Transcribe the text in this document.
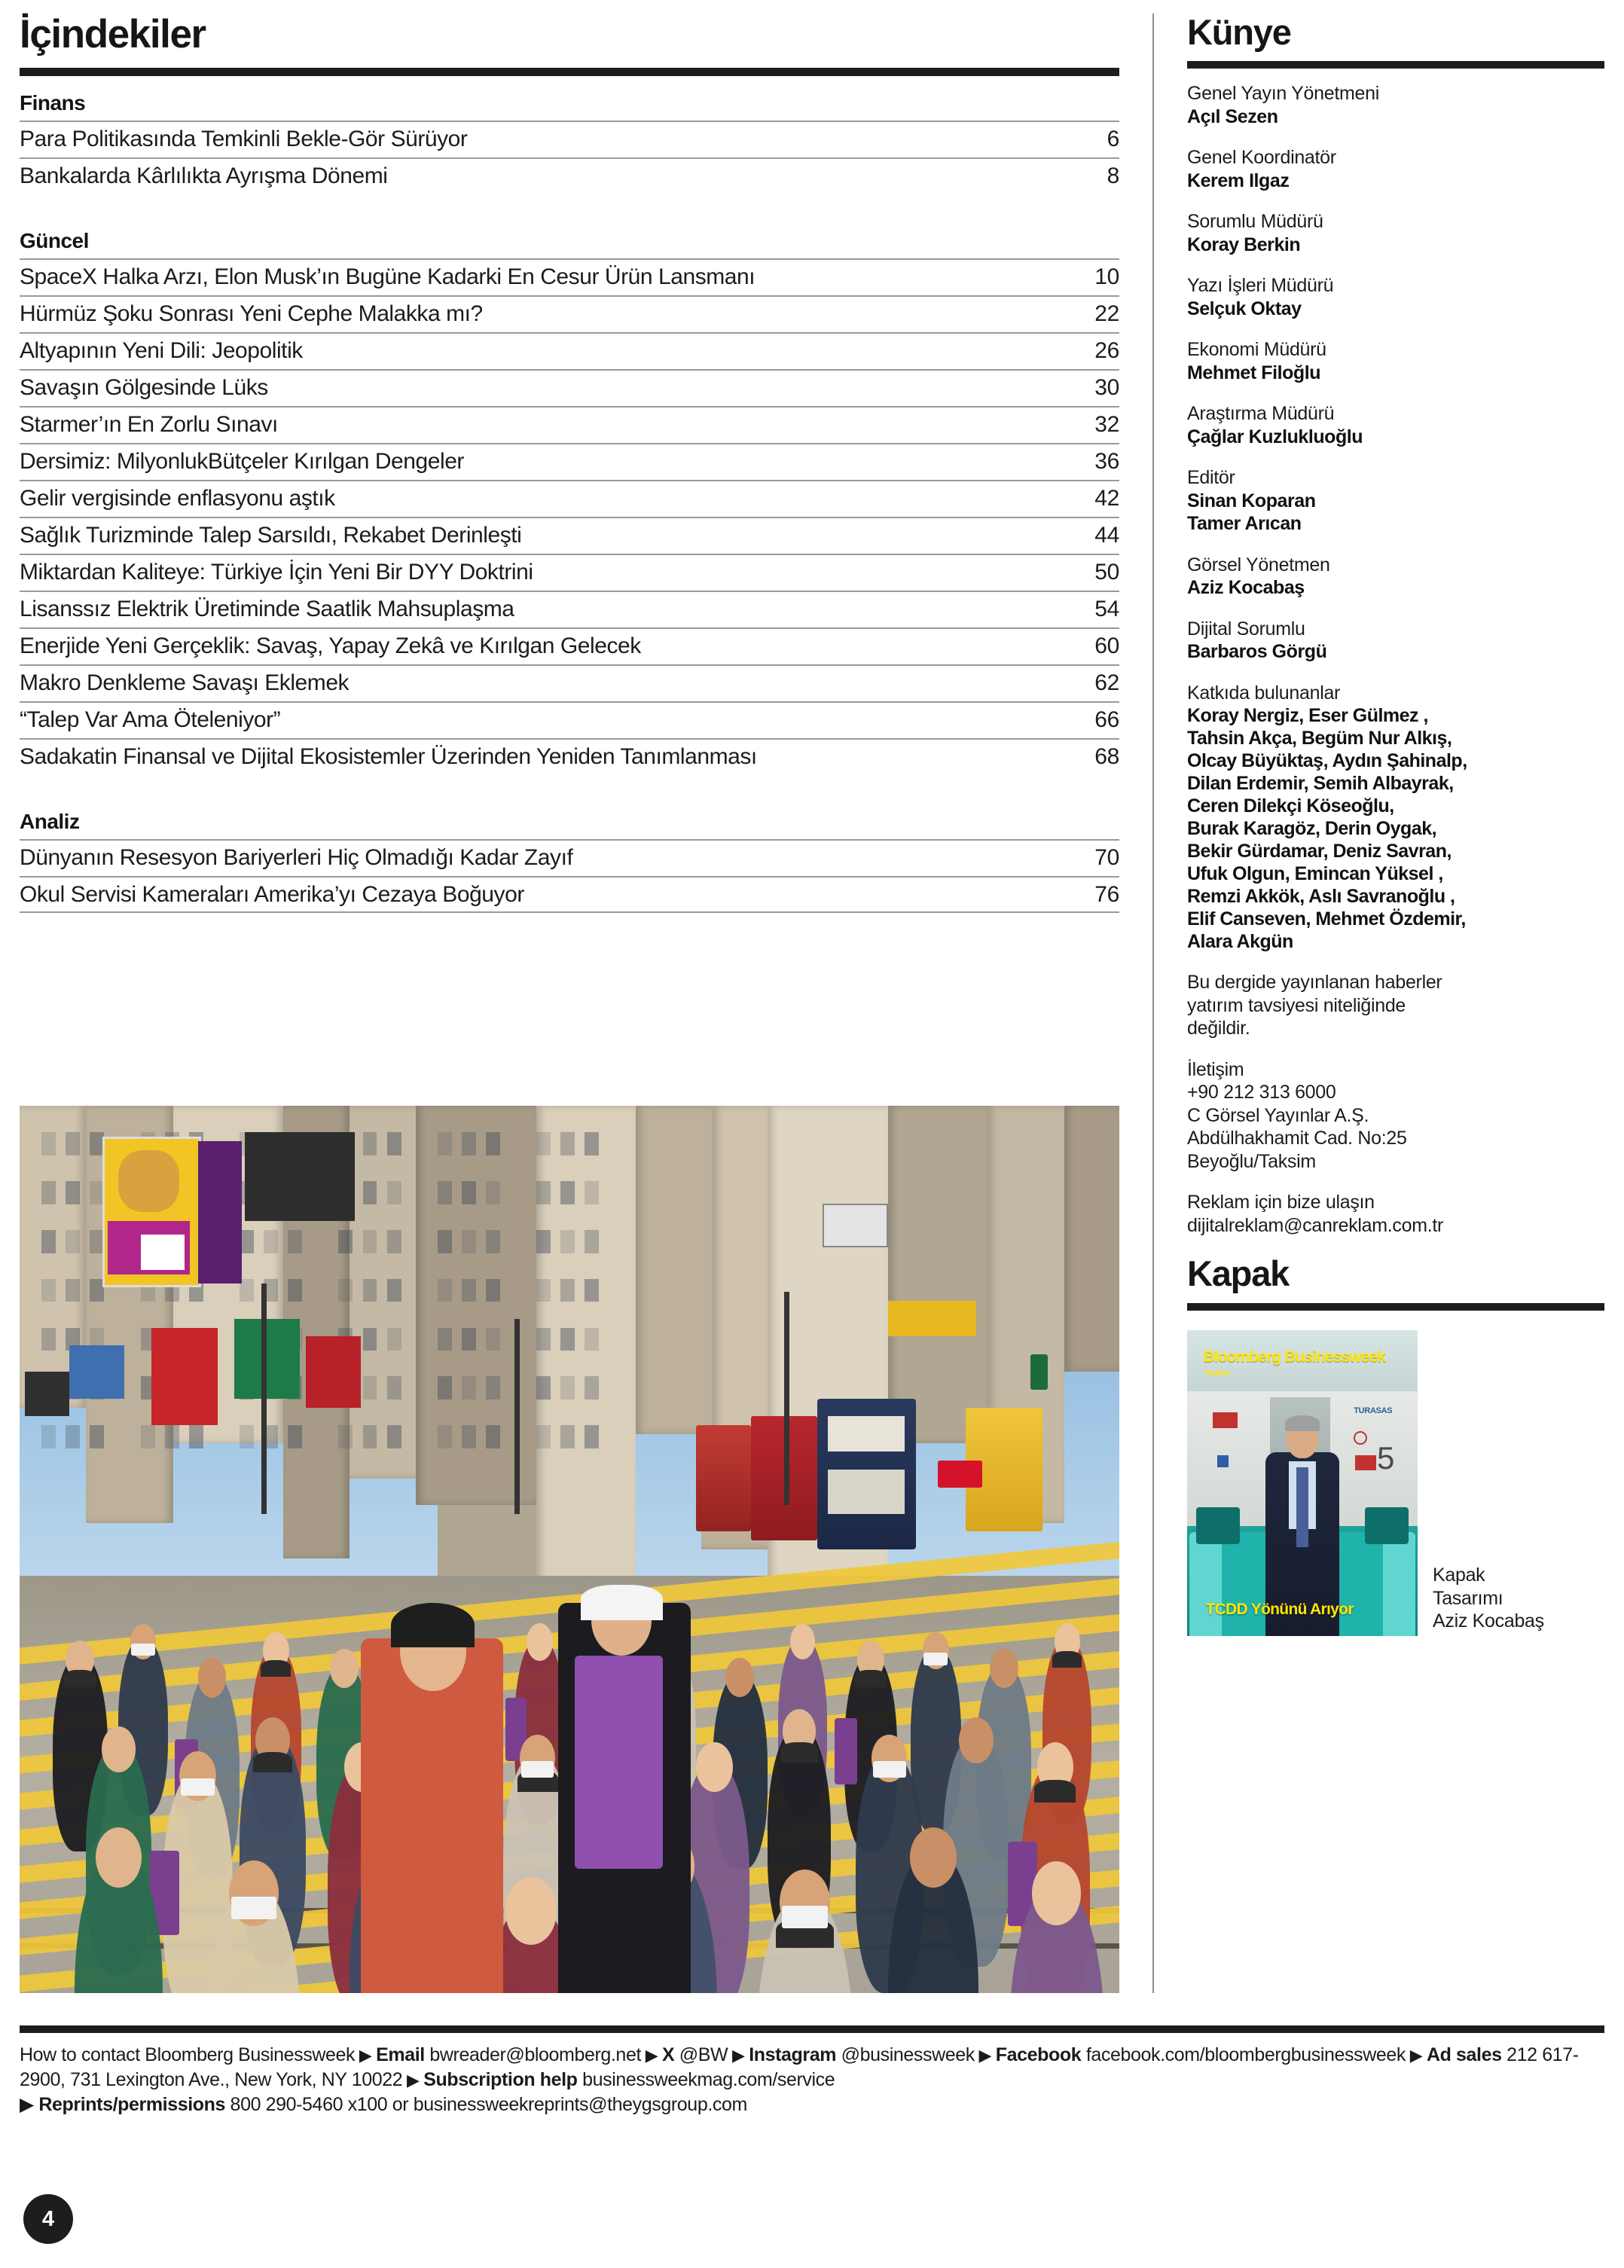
İçindekiler
Finans
Para Politikasında Temkinli Bekle-Gör Sürüyor	6
Bankalarda Kârlılıkta Ayrışma Dönemi	8
Güncel
SpaceX Halka Arzı, Elon Musk’ın Bugüne Kadarki En Cesur Ürün Lansmanı	10
Hürmüz Şoku Sonrası Yeni Cephe Malakka mı?	22
Altyapının Yeni Dili: Jeopolitik	26
Savaşın Gölgesinde Lüks	30
Starmer’ın En Zorlu Sınavı	32
Dersimiz: MilyonlukBütçeler Kırılgan Dengeler	36
Gelir vergisinde enflasyonu aştık	42
Sağlık Turizminde Talep Sarsıldı, Rekabet Derinleşti	44
Miktardan Kaliteye: Türkiye İçin Yeni Bir DYY Doktrini	50
Lisanssız Elektrik Üretiminde Saatlik Mahsuplaşma	54
Enerjide Yeni Gerçeklik: Savaş, Yapay Zekâ ve Kırılgan Gelecek	60
Makro Denkleme Savaşı Eklemek	62
“Talep Var Ama Öteleniyor”	66
Sadakatin Finansal ve Dijital Ekosistemler Üzerinden Yeniden Tanımlanması	68
Analiz
Dünyanın Resesyon Bariyerleri Hiç Olmadığı Kadar Zayıf	70
Okul Servisi Kameraları Amerika’yı Cezaya Boğuyor	76
Künye
Genel Yayın Yönetmeni
Açıl Sezen
Genel Koordinatör
Kerem Ilgaz
Sorumlu Müdürü
Koray Berkin
Yazı İşleri Müdürü
Selçuk Oktay
Ekonomi Müdürü
Mehmet Filoğlu
Araştırma Müdürü
Çağlar Kuzlukluoğlu
Editör
Sinan Koparan
Tamer Arıcan
Görsel Yönetmen
Aziz Kocabaş
Dijital Sorumlu
Barbaros Görgü
Katkıda bulunanlar
Koray Nergiz, Eser Gülmez ,
Tahsin Akça, Begüm Nur Alkış,
Olcay Büyüktaş, Aydın Şahinalp,
Dilan Erdemir, Semih Albayrak,
Ceren Dilekçi Köseoğlu,
Burak Karagöz, Derin Oygak,
Bekir Gürdamar, Deniz Savran,
Ufuk Olgun, Emincan Yüksel ,
Remzi Akkök, Aslı Savranoğlu ,
Elif Canseven, Mehmet Özdemir,
Alara Akgün
Bu dergide yayınlanan haberler
yatırım tavsiyesi niteliğinde
değildir.
İletişim
+90 212 313 6000
C Görsel Yayınlar A.Ş.
Abdülhakhamit Cad. No:25
Beyoğlu/Taksim
Reklam için bize ulaşın
dijitalreklam@canreklam.com.tr
Kapak
TURASAS
5
Bloomberg Businessweek
Türkiye
TCDD Yönünü Arıyor
Kapak
Tasarımı
Aziz Kocabaş
How to contact Bloomberg Businessweek ▶ Email bwreader@bloomberg.net ▶ X @BW ▶ Instagram @businessweek ▶ Facebook facebook.com/bloombergbusinessweek ▶ Ad sales 212 617-2900, 731 Lexington Ave., New York, NY 10022 ▶ Subscription help businessweekmag.com/service
▶ Reprints/permissions 800 290-5460 x100 or businessweekreprints@theygsgroup.com
4
